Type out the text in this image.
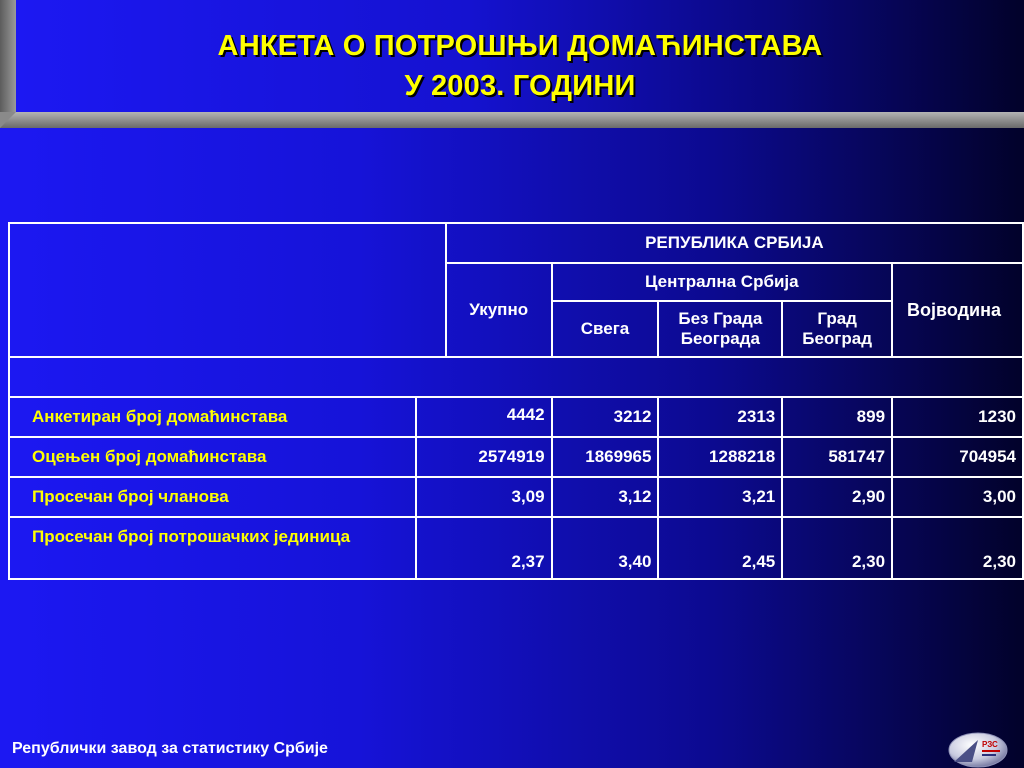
АНКЕТА О ПОТРОШЊИ ДОМАЋИНСТАВА
У 2003. ГОДИНИ
		РЕПУБЛИКА СРБИЈА				
		Укупно	Централна Србија			Војводина
			Свега	Без Града Београда	Град Београд	

Анкетиран број домаћинстава	4442		3212	2313	899	1230
Оцењен број домаћинстава	2574919		1869965	1288218	581747	704954
Просечан број чланова	3,09		3,12	3,21	2,90	3,00
Просечан број потрошачких јединица	2,37		3,40	2,45	2,30	2,30
Републички завод за статистику Србије	РЗС
